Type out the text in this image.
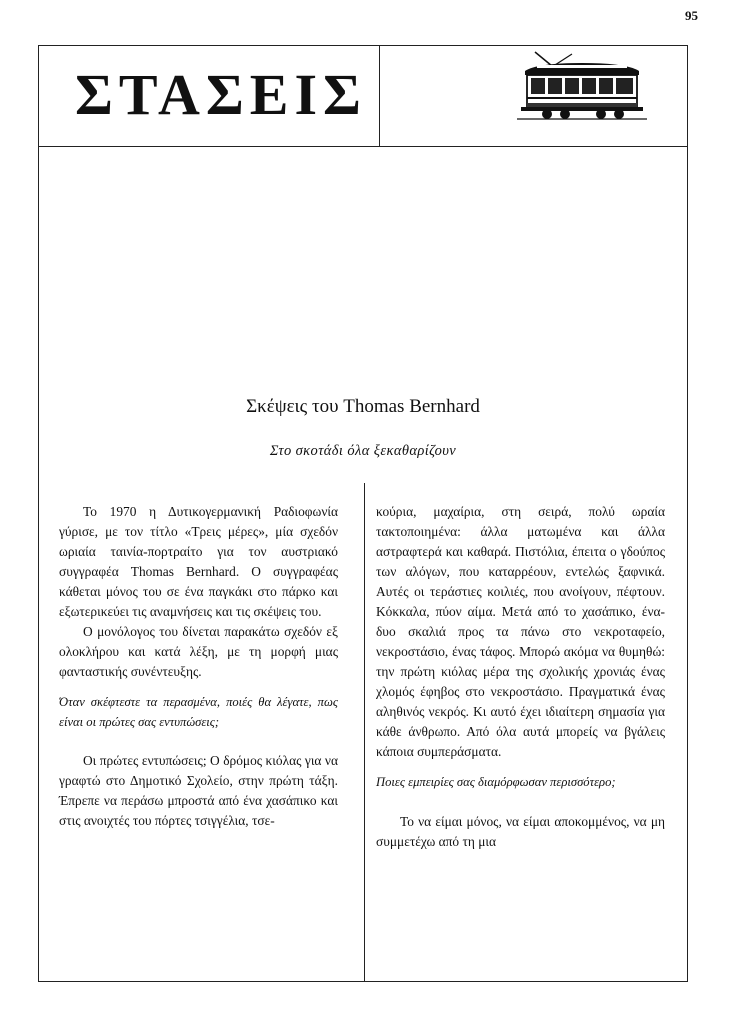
95
ΣΤΑΣΕΙΣ
Σκέψεις του Thomas Bernhard
Στο σκοτάδι όλα ξεκαθαρίζουν

Το 1970 η Δυτικογερμανική Ραδιοφωνία γύρισε, με τον τίτλο «Τρεις μέρες», μία σχεδόν ωριαία ταινία-πορτραίτο για τον αυστριακό συγγραφέα Thomas Bernhard. Ο συγγραφέας κάθεται μόνος του σε ένα παγκάκι στο πάρκο και εξωτερικεύει τις αναμνήσεις και τις σκέψεις του.

Ο μονόλογος του δίνεται παρακάτω σχεδόν εξ ολοκλήρου και κατά λέξη, με τη μορφή μιας φανταστικής συνέντευξης.

Όταν σκέφτεστε τα περασμένα, ποιές θα λέγατε, πως είναι οι πρώτες σας εντυπώσεις;

Οι πρώτες εντυπώσεις; Ο δρόμος κιόλας για να γραφτώ στο Δημοτικό Σχολείο, στην πρώτη τάξη. Έπρεπε να περάσω μπροστά από ένα χασάπικο και στις ανοιχτές του πόρτες τσιγγέλια, τσε-

κούρια, μαχαίρια, στη σειρά, πολύ ωραία τακτοποιημένα: άλλα ματωμένα και άλλα αστραφτερά και καθαρά. Πιστόλια, έπειτα ο γδούπος των αλόγων, που καταρρέουν, εντελώς ξαφνικά. Αυτές οι τεράστιες κοιλιές, που ανοίγουν, πέφτουν. Κόκκαλα, πύον αίμα. Μετά από το χασάπικο, ένα-δυο σκαλιά προς τα πάνω στο νεκροταφείο, νεκροστάσιο, ένας τάφος. Μπορώ ακόμα να θυμηθώ: την πρώτη κιόλας μέρα της σχολικής χρονιάς ένας χλομός έφηβος στο νεκροστάσιο. Πραγματικά ένας αληθινός νεκρός. Κι αυτό έχει ιδιαίτερη σημασία για κάθε άνθρωπο. Από όλα αυτά μπορείς να βγάλεις κάποια συμπεράσματα.

Ποιες εμπειρίες σας διαμόρφωσαν περισσότερο;

Το να είμαι μόνος, να είμαι αποκομμένος, να μη συμμετέχω από τη μια
